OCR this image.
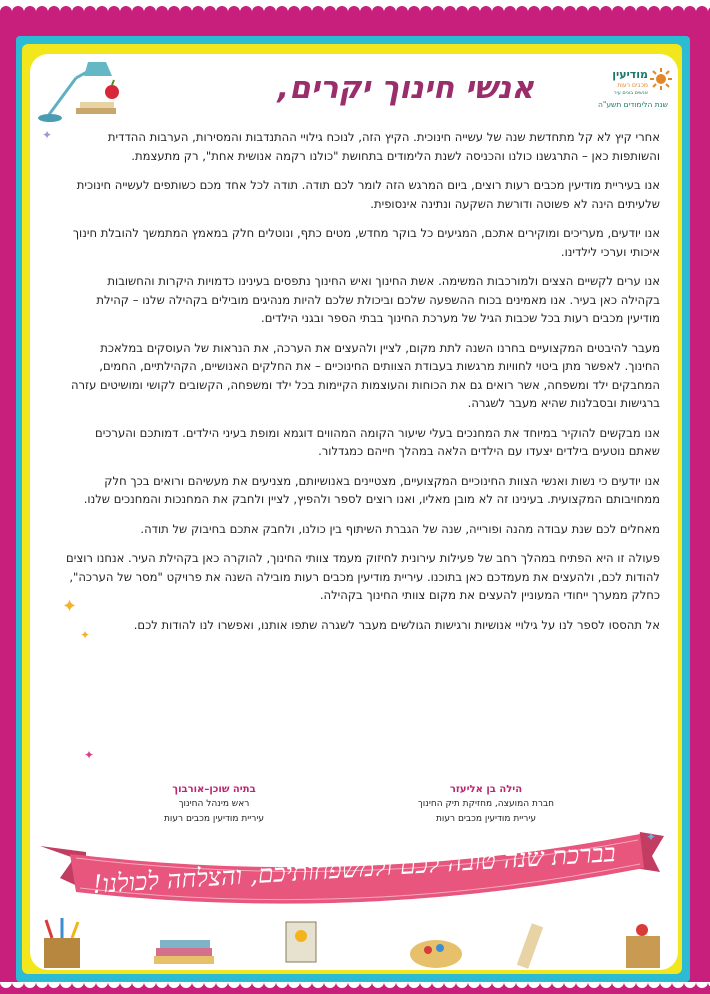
מודיעין
מכבים רעות
אנשים בונים עיר
שנת הלימודים תשע"ה
אנשי חינוך יקרים,

אחרי קיץ לא קל מתחדשת שנה של עשייה חינוכית. הקיץ הזה, לנוכח גילויי ההתנדבות והמסירות, הערבות ההדדית והשותפות כאן – התרגשנו כולנו והכניסה לשנת הלימודים בתחושת "כולנו רקמה אנושית אחת", רק מתעצמת.

אנו בעיריית מודיעין מכבים רעות רוצים, ביום המרגש הזה לומר לכם תודה. תודה לכל אחד מכם כשותפים לעשייה חינוכית שלעיתים הינה לא פשוטה ודורשת השקעה ונתינה אינסופית.

אנו יודעים, מעריכים ומוקירים אתכם, המגיעים כל בוקר מחדש, מטים כתף, ונוטלים חלק במאמץ המתמשך להובלת חינוך איכותי וערכי לילדינו.

אנו ערים לקשיים הצצים ולמורכבות המשימה. אשת החינוך ואיש החינוך נתפסים בעינינו כדמויות היקרות והחשובות בקהילה כאן בעיר. אנו מאמינים בכוח ההשפעה שלכם וביכולת שלכם להיות מנהיגים מובילים בקהילה שלנו – קהילת מודיעין מכבים רעות בכל שכבות הגיל של מערכת החינוך בבתי הספר ובגני הילדים.

מעבר להיבטים המקצועיים בחרנו השנה לתת מקום, לציין ולהעצים את הערכה, את הנראות של העוסקים במלאכת החינוך. לאפשר מתן ביטוי לחוויות מרגשות בעבודת הצוותים החינוכיים – את החלקים האנושיים, הקהילתיים, החמים, המחבקים ילד ומשפחה, אשר רואים גם את הכוחות והעוצמות הקיימות בכל ילד ומשפחה, הקשובים לקושי ומושיטים עזרה ברגישות ובסבלנות שהיא מעבר לשגרה.

אנו מבקשים להוקיר במיוחד את המחנכים בעלי שיעור הקומה המהווים דוגמא ומופת בעיני הילדים. דמותכם והערכים שאתם נוטעים בילדים יצעדו עם הילדים הלאה במהלך חייהם כמגדלור.

אנו יודעים כי נשות ואנשי הצוות החינוכיים המקצועיים, מצטיינים באנושיותם, מצניעים את מעשיהם ורואים בכך חלק ממחויבותם המקצועית. בעינינו זה לא מובן מאליו, ואנו רוצים לספר ולהפיץ, לציין ולחבק את המחנכות והמחנכים שלנו.

מאחלים לכם שנת עבודה מהנה ופורייה, שנה של הגברת השיתוף בין כולנו, ולחבק אתכם בחיבוק של תודה.

פעולה זו היא הפתיח במהלך רחב של פעילות עירונית לחיזוק מעמד צוותי החינוך, להוקרה כאן בקהילת העיר. אנחנו רוצים להודות לכם, ולהעצים את מעמדכם כאן בתוכנו. עיריית מודיעין מכבים רעות מובילה השנה את פרויקט "מסר של הערכה", כחלק ממערך ייחודי המעוניין להעצים את מקום צוותי החינוך בקהילה.

אל תהססו לספר לנו על גילויי אנושיות ורגישות הגולשים מעבר לשגרה שתפו אותנו, ואפשרו לנו להודות לכם.

הילה בן אליעזר
חברת המועצה, מחזיקת תיק החינוך
עיריית מודיעין מכבים רעות
בתיה שוכן–אורבוך
ראש מינהל החינוך
עיריית מודיעין מכבים רעות
בברכת שנה טובה לכם ולמשפחותיכם, והצלחה לכולנו!
✦
✦
✦
✦
✦
